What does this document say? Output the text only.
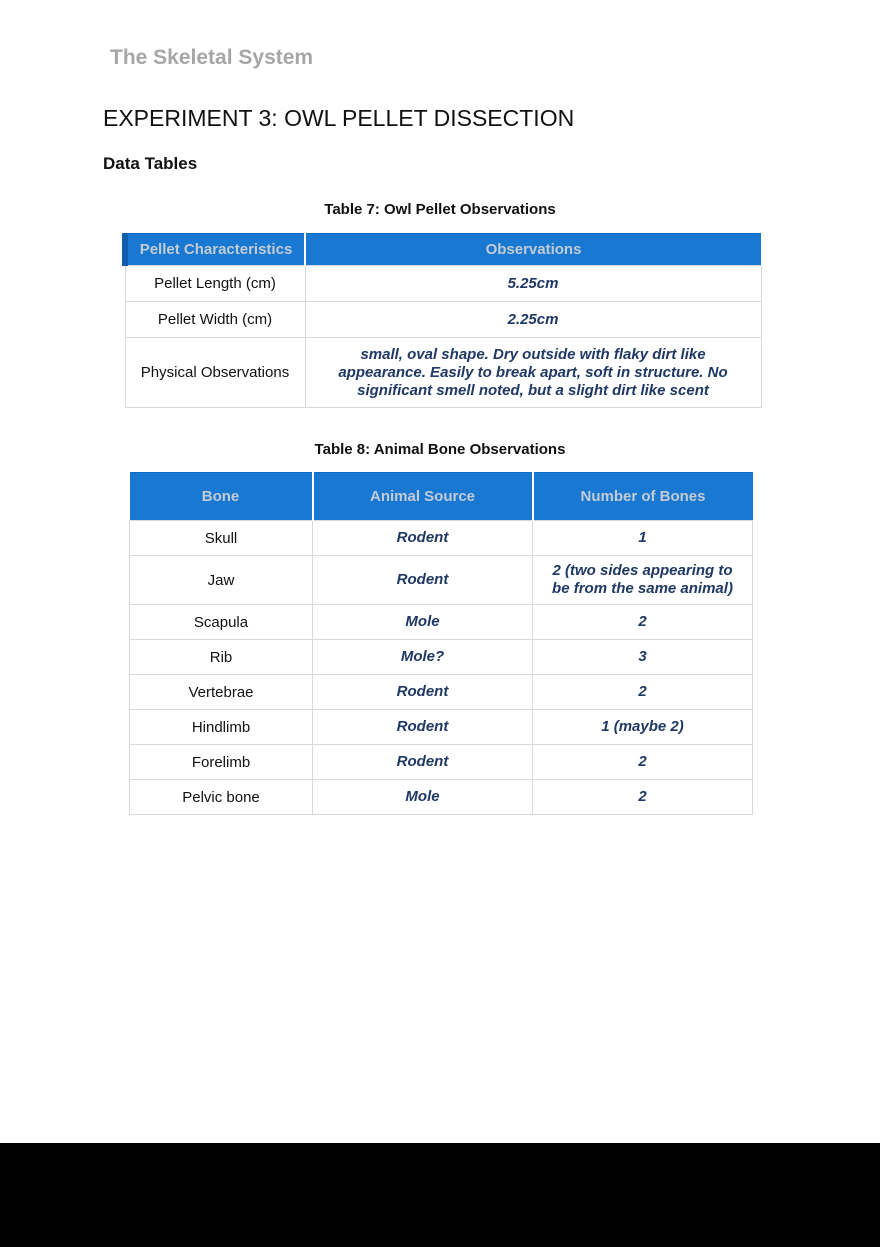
The Skeletal System
EXPERIMENT 3: OWL PELLET DISSECTION
Data Tables

Table 7: Owl Pellet Observations

Pellet Characteristics	Observations
Pellet Length (cm)	5.25cm
Pellet Width (cm)	2.25cm
Physical Observations	small, oval shape. Dry outside with flaky dirt like appearance. Easily to break apart, soft in structure. No significant smell noted, but a slight dirt like scent

Table 8: Animal Bone Observations

Bone	Animal Source	Number of Bones
Skull	Rodent	1
Jaw	Rodent	2 (two sides appearing to be from the same animal)
Scapula	Mole	2
Rib	Mole?	3
Vertebrae	Rodent	2
Hindlimb	Rodent	1 (maybe 2)
Forelimb	Rodent	2
Pelvic bone	Mole	2
